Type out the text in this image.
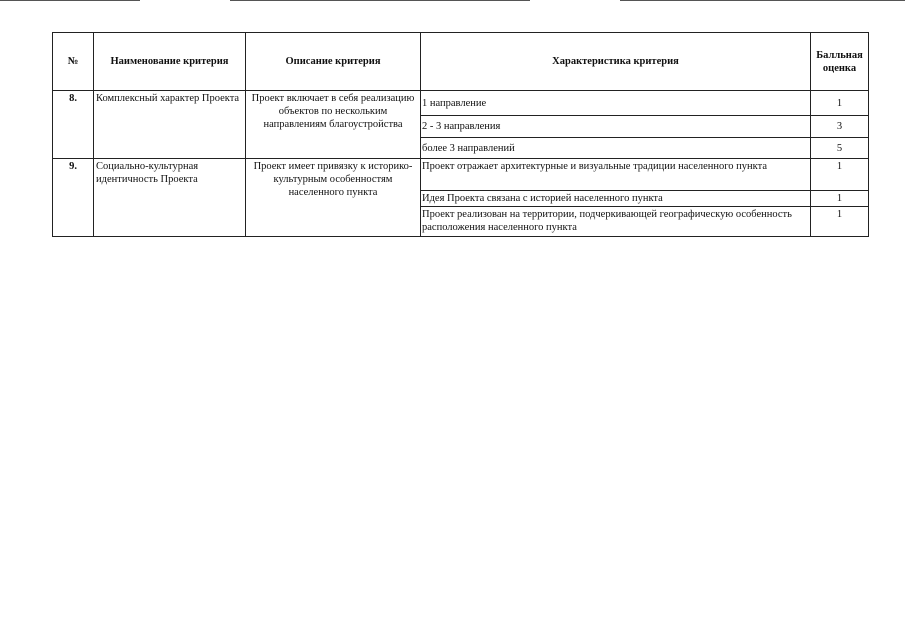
№	Наименование критерия	Описание критерия	Характеристика критерия	Балльная оценка
8.	Комплексный характер Проекта	Проект включает в себя реализацию объектов по нескольким направлениям благоустройства	1 направление	1
			2 - 3 направления	3
			более 3 направлений	5
9.	Социально-культурная идентичность Проекта	Проект имеет привязку к историко-культурным особенностям населенного пункта	Проект отражает архитектурные и визуальные традиции населенного пункта	1
			Идея Проекта связана с историей населенного пункта	1
			Проект реализован на территории, подчеркивающей географическую особенность расположения населенного пункта	1
